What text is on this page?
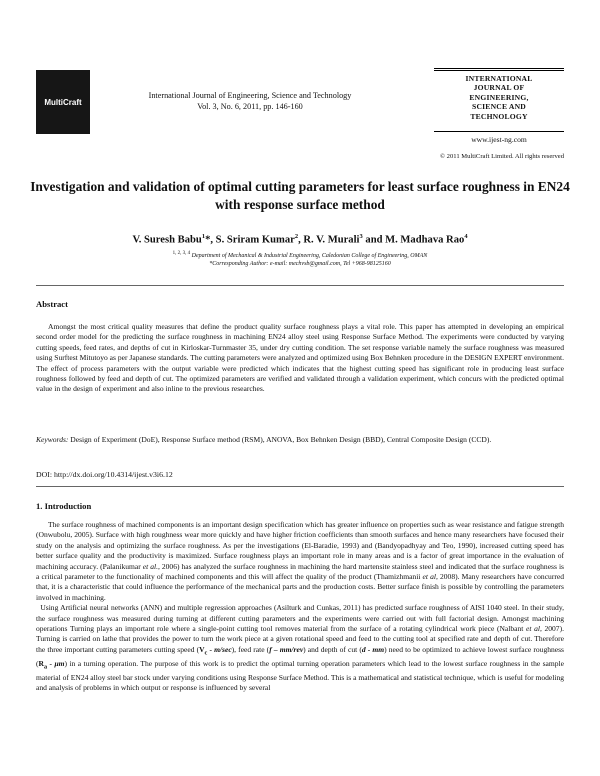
MultiCraft
International Journal of Engineering, Science and Technology
Vol. 3, No. 6, 2011, pp. 146-160
INTERNATIONAL
JOURNAL OF
ENGINEERING,
SCIENCE AND
TECHNOLOGY
www.ijest-ng.com
© 2011 MultiCraft Limited. All rights reserved
Investigation and validation of optimal cutting parameters for least surface roughness in EN24 with response surface method
V. Suresh Babu$^1$*, S. Sriram Kumar$^2$, R. V. Murali$^3$ and M. Madhava Rao$^4$
$^{1, 2, 3, 4}$ Department of Mechanical & Industrial Engineering, Caledonian College of Engineering, OMAN
*Corresponding Author: e-mail: mechvsb@gmail.com, Tel +968-98125160
Abstract

Amongst the most critical quality measures that define the product quality surface roughness plays a vital role. This paper has attempted in developing an empirical second order model for the predicting the surface roughness in machining EN24 alloy steel using Response Surface Method. The experiments were conducted by varying cutting speeds, feed rates, and depths of cut in Kirloskar-Turnmaster 35, under dry cutting condition. The set response variable namely the surface roughness was measured using Surftest Mitutoyo as per Japanese standards. The cutting parameters were analyzed and optimized using Box Behnken procedure in the DESIGN EXPERT environment. The effect of process parameters with the output variable were predicted which indicates that the highest cutting speed has significant role in producing least surface roughness followed by feed and depth of cut. The optimized parameters are verified and validated through a validation experiment, which concurs with the predicted optimal value in the design of experiment and also inline to the previous researches.

Keywords: Design of Experiment (DoE), Response Surface method (RSM), ANOVA, Box Behnken Design (BBD), Central Composite Design (CCD).
DOI: http://dx.doi.org/10.4314/ijest.v3i6.12
1. Introduction

The surface roughness of machined components is an important design specification which has greater influence on properties such as wear resistance and fatigue strength (Onwubolu, 2005). Surface with high roughness wear more quickly and have higher friction coefficients than smooth surfaces and hence many researchers have focused their study on the analysis and optimizing the surface roughness. As per the investigations (El-Baradie, 1993) and (Bandyopadhyay and Teo, 1990), increased cutting speed has better surface quality and the productivity is maximized. Surface roughness plays an important role in many areas and is a factor of great importance in the evaluation of machining accuracy. (Palanikumar et al., 2006) has analyzed the surface roughness in machining the hard martensite stainless steel and indicated that the surface roughness is a critical parameter to the functionality of machined components and this will affect the quality of the product (Thamizhmanii et al, 2008). Many researchers have concurred that, it is a characteristic that could influence the performance of the mechanical parts and the production costs. Better surface finish is possible by controlling the parameters involved in machining.

Using Artificial neural networks (ANN) and multiple regression approaches (Asilturk and Cunkas, 2011) has predicted surface roughness of AISI 1040 steel. In their study, the surface roughness was measured during turning at different cutting parameters and the experiments were carried out with full factorial design. Amongst machining operations Turning plays an important role where a single-point cutting tool removes material from the surface of a rotating cylindrical work piece (Nalbant et al, 2007). Turning is carried on lathe that provides the power to turn the work piece at a given rotational speed and feed to the cutting tool at specified rate and depth of cut. Therefore the three important cutting parameters cutting speed $(V_c - m/\sec)$, feed rate (f – mm/rev) and depth of cut (d - mm) need to be optimized to achieve lowest surface roughness $(R_a - \mu m)$ in a turning operation. The purpose of this work is to predict the optimal turning operation parameters which lead to the lowest surface roughness in the sample material of EN24 alloy steel bar stock under varying conditions using Response Surface Method. This is a mathematical and statistical technique, which is useful for modeling and analysis of problems in which output or response is influenced by several
